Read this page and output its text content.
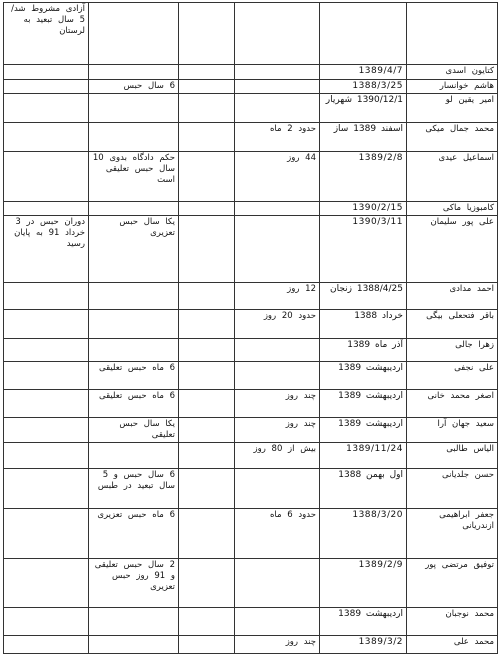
					آزادی مشروط شد/ 5 سال تبعید به لرستان
کتایون اسدی	1389/4/7				
هاشم خوانسار	1388/3/25			6 سال حبس	
امیر یقین لو	1390/12/1 شهریار				
محمد جمال میکی	اسفند 1389 ساز	حدود 2 ماه			
اسماعیل عیدی	1389/2/8	44 روز		حکم دادگاه بدوی 10 سال حبس تعلیقی است	
کامبوزیا ماکی	1390/2/15				
علی پور سلیمان	1390/3/11			یکا سال حبس تعزیری	دوران حبس در 3 خرداد 91 به پایان رسید
احمد مدادی	1388/4/25 زنجان	12 روز			
باقر فتحعلی بیگی	خرداد 1388	حدود 20 روز			
زهرا جالی	آذر ماه 1389				
علی نجفی	اردیبهشت 1389			6 ماه حبس تعلیقی	
اصغر محمد خانی	اردیبهشت 1389	چند روز		6 ماه حبس تعلیقی	
سعید جهان آرا	اردیبهشت 1389	چند روز		یکا سال حبس تعلیقی	
الیاس طالبی	1389/11/24	بیش از 80 روز			
حسن جلدیانی	اول بهمن 1388			6 سال حبس و 5 سال تبعید در طبس	
جعفر ابراهیمی ازندریانی	1388/3/20	حدود 6 ماه		6 ماه حبس تعزیری	
توفیق مرتضی پور	1389/2/9			2 سال حبس تعلیقی و 91 روز حبس تعزیری	
محمد نوجبان	اردیبهشت 1389				
محمد علی	1389/3/2	چند روز			
